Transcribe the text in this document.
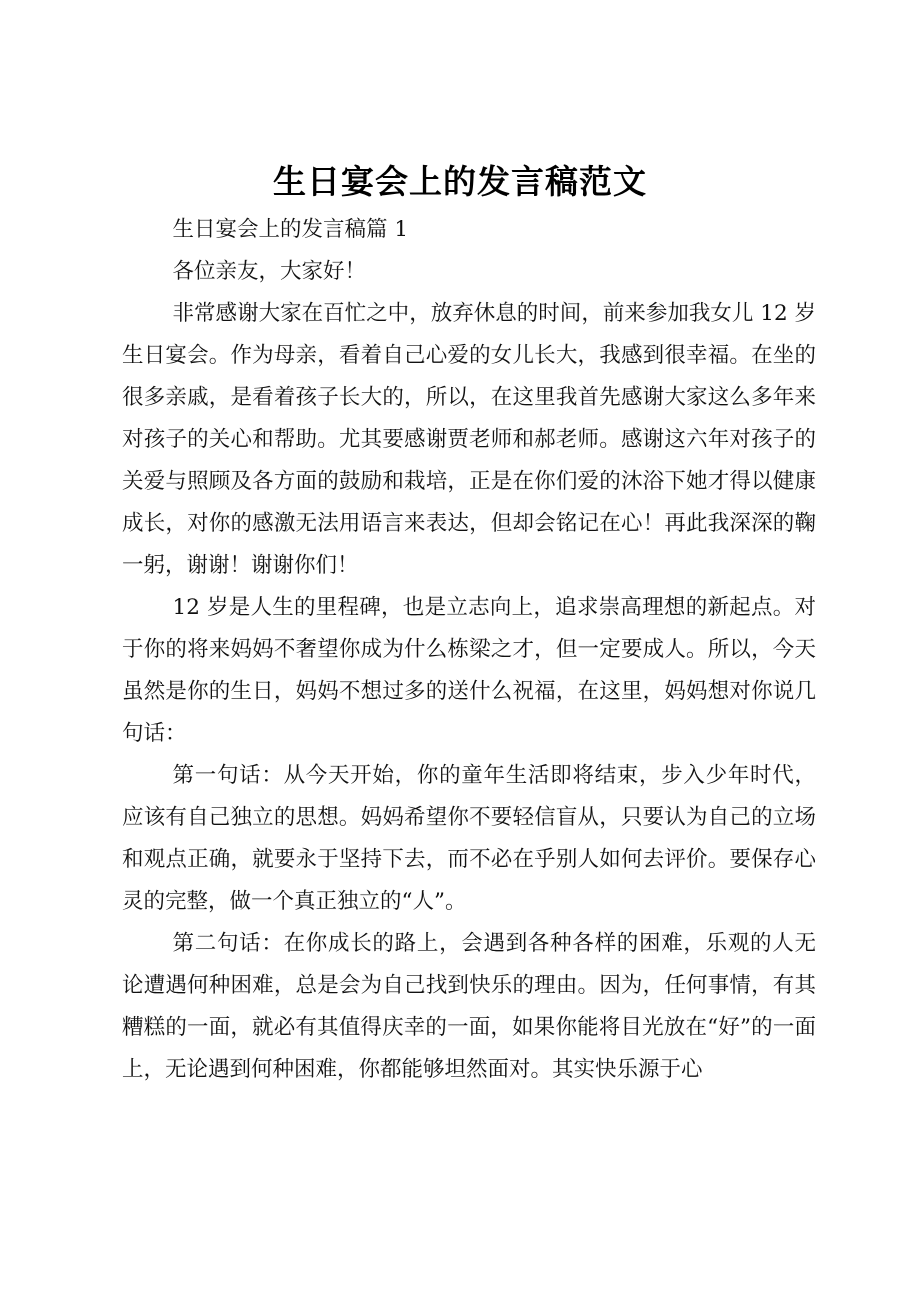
生日宴会上的发言稿范文

生日宴会上的发言稿篇 1

各位亲友，大家好！

非常感谢大家在百忙之中，放弃休息的时间，前来参加我女儿 12 岁生日宴会。作为母亲，看着自己心爱的女儿长大，我感到很幸福。在坐的很多亲戚，是看着孩子长大的，所以，在这里我首先感谢大家这么多年来对孩子的关心和帮助。尤其要感谢贾老师和郝老师。感谢这六年对孩子的关爱与照顾及各方面的鼓励和栽培，正是在你们爱的沐浴下她才得以健康成长，对你的感激无法用语言来表达，但却会铭记在心！再此我深深的鞠一躬，谢谢！谢谢你们！

12 岁是人生的里程碑，也是立志向上，追求崇高理想的新起点。对于你的将来妈妈不奢望你成为什么栋梁之才，但一定要成人。所以，今天虽然是你的生日，妈妈不想过多的送什么祝福，在这里，妈妈想对你说几句话：

第一句话：从今天开始，你的童年生活即将结束，步入少年时代，应该有自己独立的思想。妈妈希望你不要轻信盲从，只要认为自己的立场和观点正确，就要永于坚持下去，而不必在乎别人如何去评价。要保存心灵的完整，做一个真正独立的“人”。

第二句话：在你成长的路上，会遇到各种各样的困难，乐观的人无论遭遇何种困难，总是会为自己找到快乐的理由。因为，任何事情，有其糟糕的一面，就必有其值得庆幸的一面，如果你能将目光放在“好”的一面上，无论遇到何种困难，你都能够坦然面对。其实快乐源于心
